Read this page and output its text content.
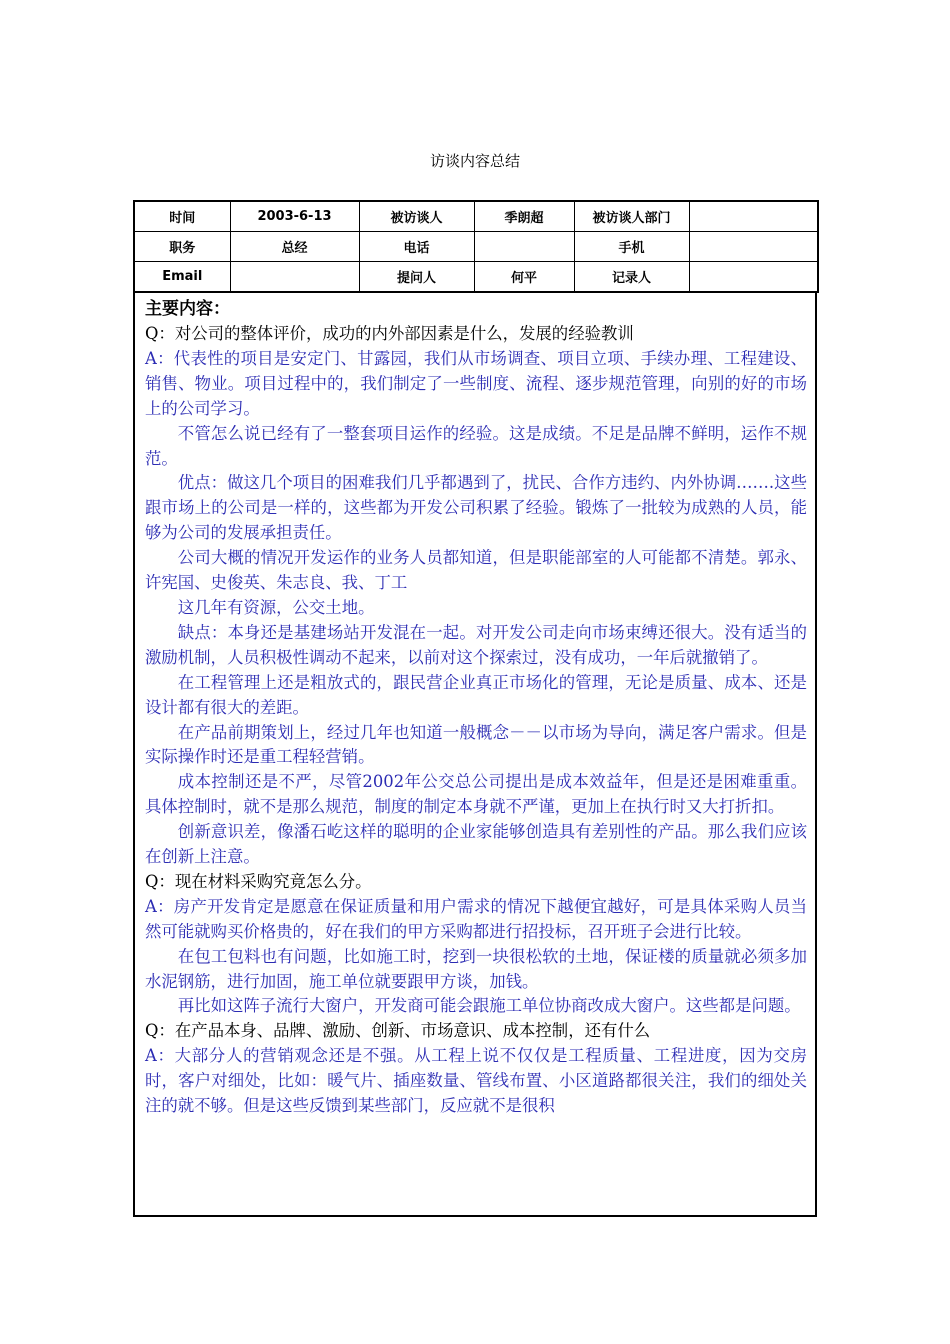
访谈内容总结
时间	2003-6-13	被访谈人	季朗超	被访谈人部门	
职务	总经	电话		手机	
Email		提问人	何平	记录人	
主要内容：

Q：对公司的整体评价，成功的内外部因素是什么，发展的经验教训

A：代表性的项目是安定门、甘露园，我们从市场调查、项目立项、手续办理、工程建设、销售、物业。项目过程中的，我们制定了一些制度、流程、逐步规范管理，向别的好的市场上的公司学习。

不管怎么说已经有了一整套项目运作的经验。这是成绩。不足是品牌不鲜明，运作不规范。

优点：做这几个项目的困难我们几乎都遇到了，扰民、合作方违约、内外协调…….这些跟市场上的公司是一样的，这些都为开发公司积累了经验。锻炼了一批较为成熟的人员，能够为公司的发展承担责任。

公司大概的情况开发运作的业务人员都知道，但是职能部室的人可能都不清楚。郭永、许宪国、史俊英、朱志良、我、丁工

这几年有资源，公交土地。

缺点：本身还是基建场站开发混在一起。对开发公司走向市场束缚还很大。没有适当的激励机制，人员积极性调动不起来，以前对这个探索过，没有成功，一年后就撤销了。

在工程管理上还是粗放式的，跟民营企业真正市场化的管理，无论是质量、成本、还是设计都有很大的差距。

在产品前期策划上，经过几年也知道一般概念－－以市场为导向，满足客户需求。但是实际操作时还是重工程轻营销。

成本控制还是不严，尽管2002年公交总公司提出是成本效益年，但是还是困难重重。具体控制时，就不是那么规范，制度的制定本身就不严谨，更加上在执行时又大打折扣。

创新意识差，像潘石屹这样的聪明的企业家能够创造具有差别性的产品。那么我们应该在创新上注意。

Q：现在材料采购究竟怎么分。

A：房产开发肯定是愿意在保证质量和用户需求的情况下越便宜越好，可是具体采购人员当然可能就购买价格贵的，好在我们的甲方采购都进行招投标，召开班子会进行比较。

在包工包料也有问题，比如施工时，挖到一块很松软的土地，保证楼的质量就必须多加水泥钢筋，进行加固，施工单位就要跟甲方谈，加钱。

再比如这阵子流行大窗户，开发商可能会跟施工单位协商改成大窗户。这些都是问题。

Q：在产品本身、品牌、激励、创新、市场意识、成本控制，还有什么

A：大部分人的营销观念还是不强。从工程上说不仅仅是工程质量、工程进度，因为交房时，客户对细处，比如：暖气片、插座数量、管线布置、小区道路都很关注，我们的细处关注的就不够。但是这些反馈到某些部门，反应就不是很积
